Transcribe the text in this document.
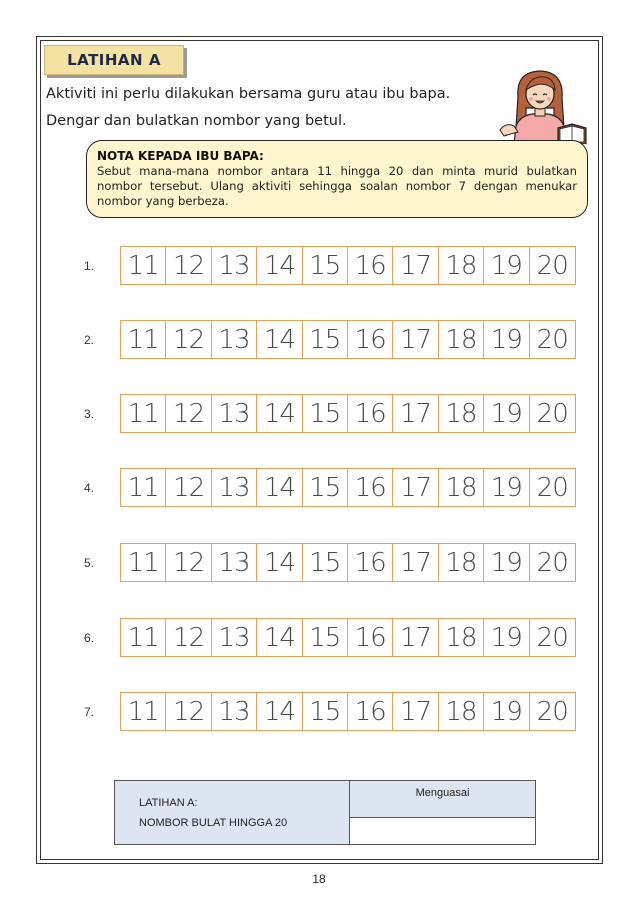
LATIHAN A
Aktiviti ini perlu dilakukan bersama guru atau ibu bapa.
Dengar dan bulatkan nombor yang betul.
NOTA KEPADA IBU BAPA:
Sebut mana-mana nombor antara 11 hingga 20 dan minta murid bulatkan nombor tersebut. Ulang aktiviti sehingga soalan nombor 7 dengan menukar nombor yang berbeza.
1. 11 12 13 14 15 16 17 18 19 20
2. 11 12 13 14 15 16 17 18 19 20
3. 11 12 13 14 15 16 17 18 19 20
4. 11 12 13 14 15 16 17 18 19 20
5. 11 12 13 14 15 16 17 18 19 20
6. 11 12 13 14 15 16 17 18 19 20
7. 11 12 13 14 15 16 17 18 19 20
LATIHAN A:
NOMBOR BULAT HINGGA 20
	Menguasai

18
